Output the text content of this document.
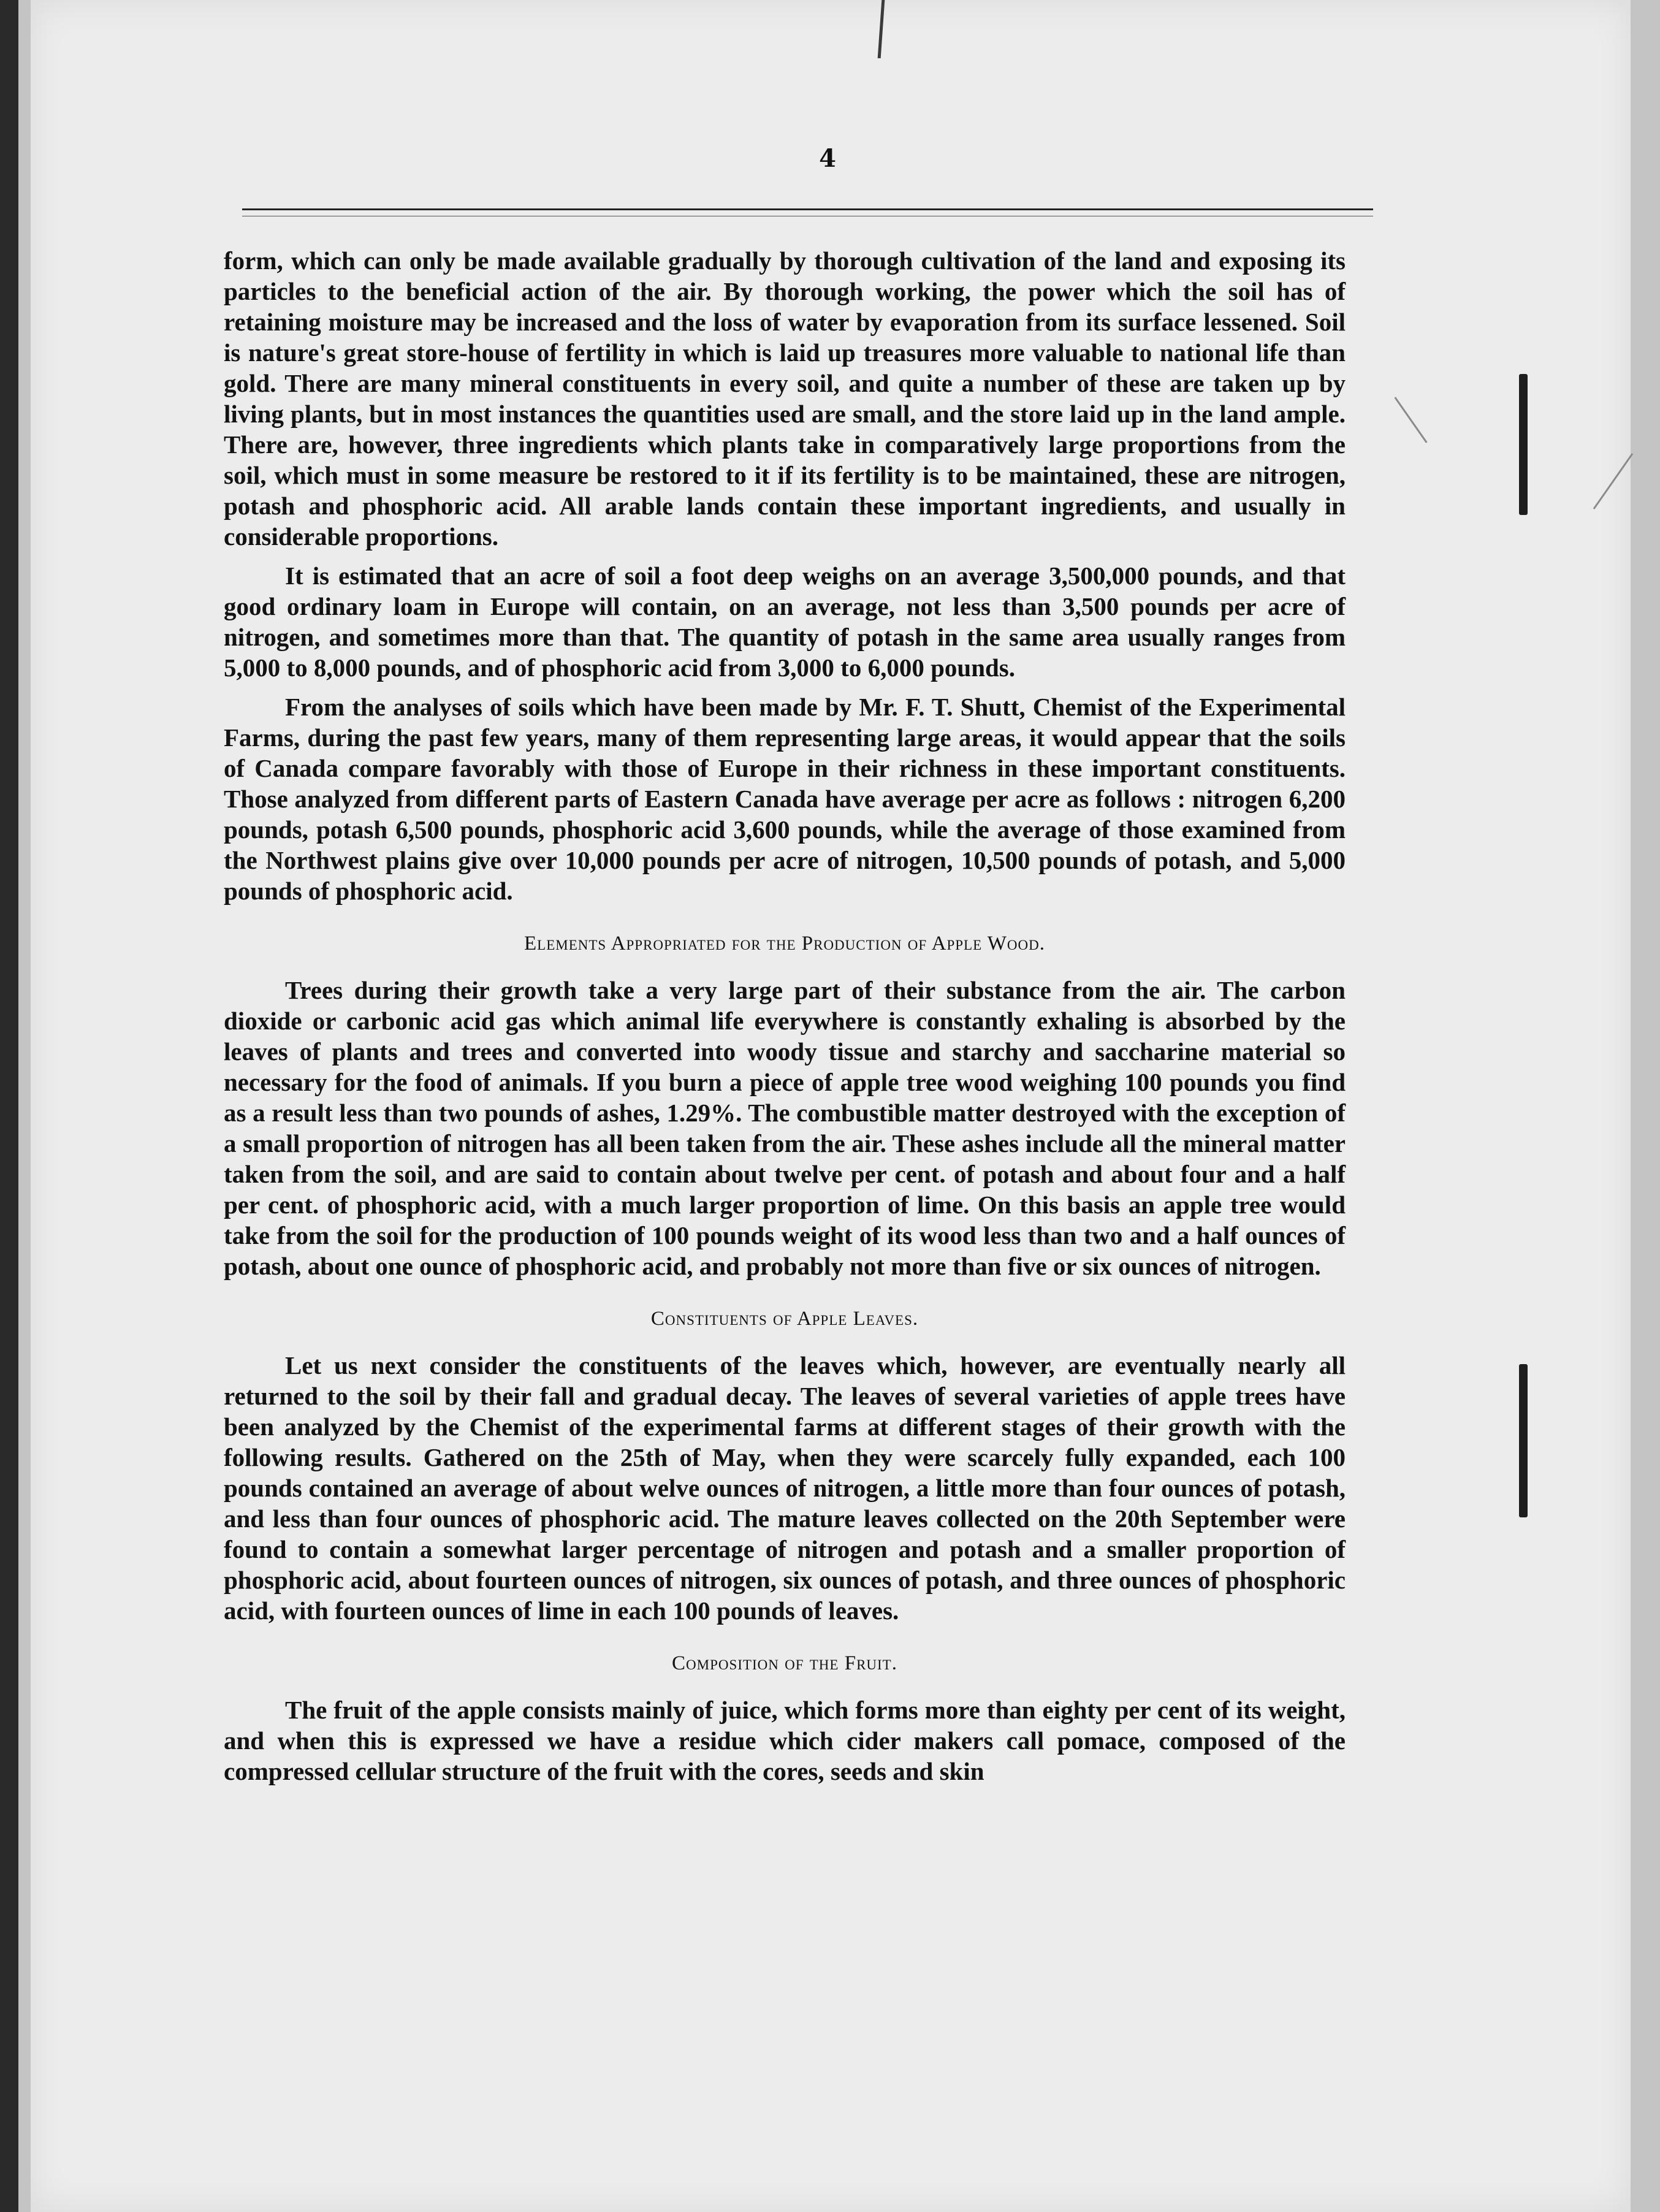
4

form, which can only be made available gradually by thorough cultivation of the land and exposing its particles to the beneficial action of the air. By thorough working, the power which the soil has of retaining moisture may be increased and the loss of water by evaporation from its surface lessened. Soil is nature's great store-house of fertility in which is laid up treasures more valuable to national life than gold. There are many mineral constituents in every soil, and quite a number of these are taken up by living plants, but in most instances the quantities used are small, and the store laid up in the land ample. There are, however, three ingredients which plants take in comparatively large proportions from the soil, which must in some measure be restored to it if its fertility is to be maintained, these are nitrogen, potash and phosphoric acid. All arable lands contain these important ingredients, and usually in considerable proportions.

It is estimated that an acre of soil a foot deep weighs on an average 3,500,000 pounds, and that good ordinary loam in Europe will contain, on an average, not less than 3,500 pounds per acre of nitrogen, and sometimes more than that. The quantity of potash in the same area usually ranges from 5,000 to 8,000 pounds, and of phosphoric acid from 3,000 to 6,000 pounds.

From the analyses of soils which have been made by Mr. F. T. Shutt, Chemist of the Experimental Farms, during the past few years, many of them representing large areas, it would appear that the soils of Canada compare favorably with those of Europe in their richness in these important constituents. Those analyzed from different parts of Eastern Canada have average per acre as follows : nitrogen 6,200 pounds, potash 6,500 pounds, phosphoric acid 3,600 pounds, while the average of those examined from the Northwest plains give over 10,000 pounds per acre of nitrogen, 10,500 pounds of potash, and 5,000 pounds of phosphoric acid.

Elements Appropriated for the Production of Apple Wood.

Trees during their growth take a very large part of their substance from the air. The carbon dioxide or carbonic acid gas which animal life everywhere is constantly exhaling is absorbed by the leaves of plants and trees and converted into woody tissue and starchy and saccharine material so necessary for the food of animals. If you burn a piece of apple tree wood weighing 100 pounds you find as a result less than two pounds of ashes, 1.29%. The combustible matter destroyed with the exception of a small proportion of nitrogen has all been taken from the air. These ashes include all the mineral matter taken from the soil, and are said to contain about twelve per cent. of potash and about four and a half per cent. of phosphoric acid, with a much larger proportion of lime. On this basis an apple tree would take from the soil for the production of 100 pounds weight of its wood less than two and a half ounces of potash, about one ounce of phosphoric acid, and probably not more than five or six ounces of nitrogen.

Constituents of Apple Leaves.

Let us next consider the constituents of the leaves which, however, are eventually nearly all returned to the soil by their fall and gradual decay. The leaves of several varieties of apple trees have been analyzed by the Chemist of the experimental farms at different stages of their growth with the following results. Gathered on the 25th of May, when they were scarcely fully expanded, each 100 pounds contained an average of about welve ounces of nitrogen, a little more than four ounces of potash, and less than four ounces of phosphoric acid. The mature leaves collected on the 20th September were found to contain a somewhat larger percentage of nitrogen and potash and a smaller proportion of phosphoric acid, about fourteen ounces of nitrogen, six ounces of potash, and three ounces of phosphoric acid, with fourteen ounces of lime in each 100 pounds of leaves.

Composition of the Fruit.

The fruit of the apple consists mainly of juice, which forms more than eighty per cent of its weight, and when this is expressed we have a residue which cider makers call pomace, composed of the compressed cellular structure of the fruit with the cores, seeds and skin
